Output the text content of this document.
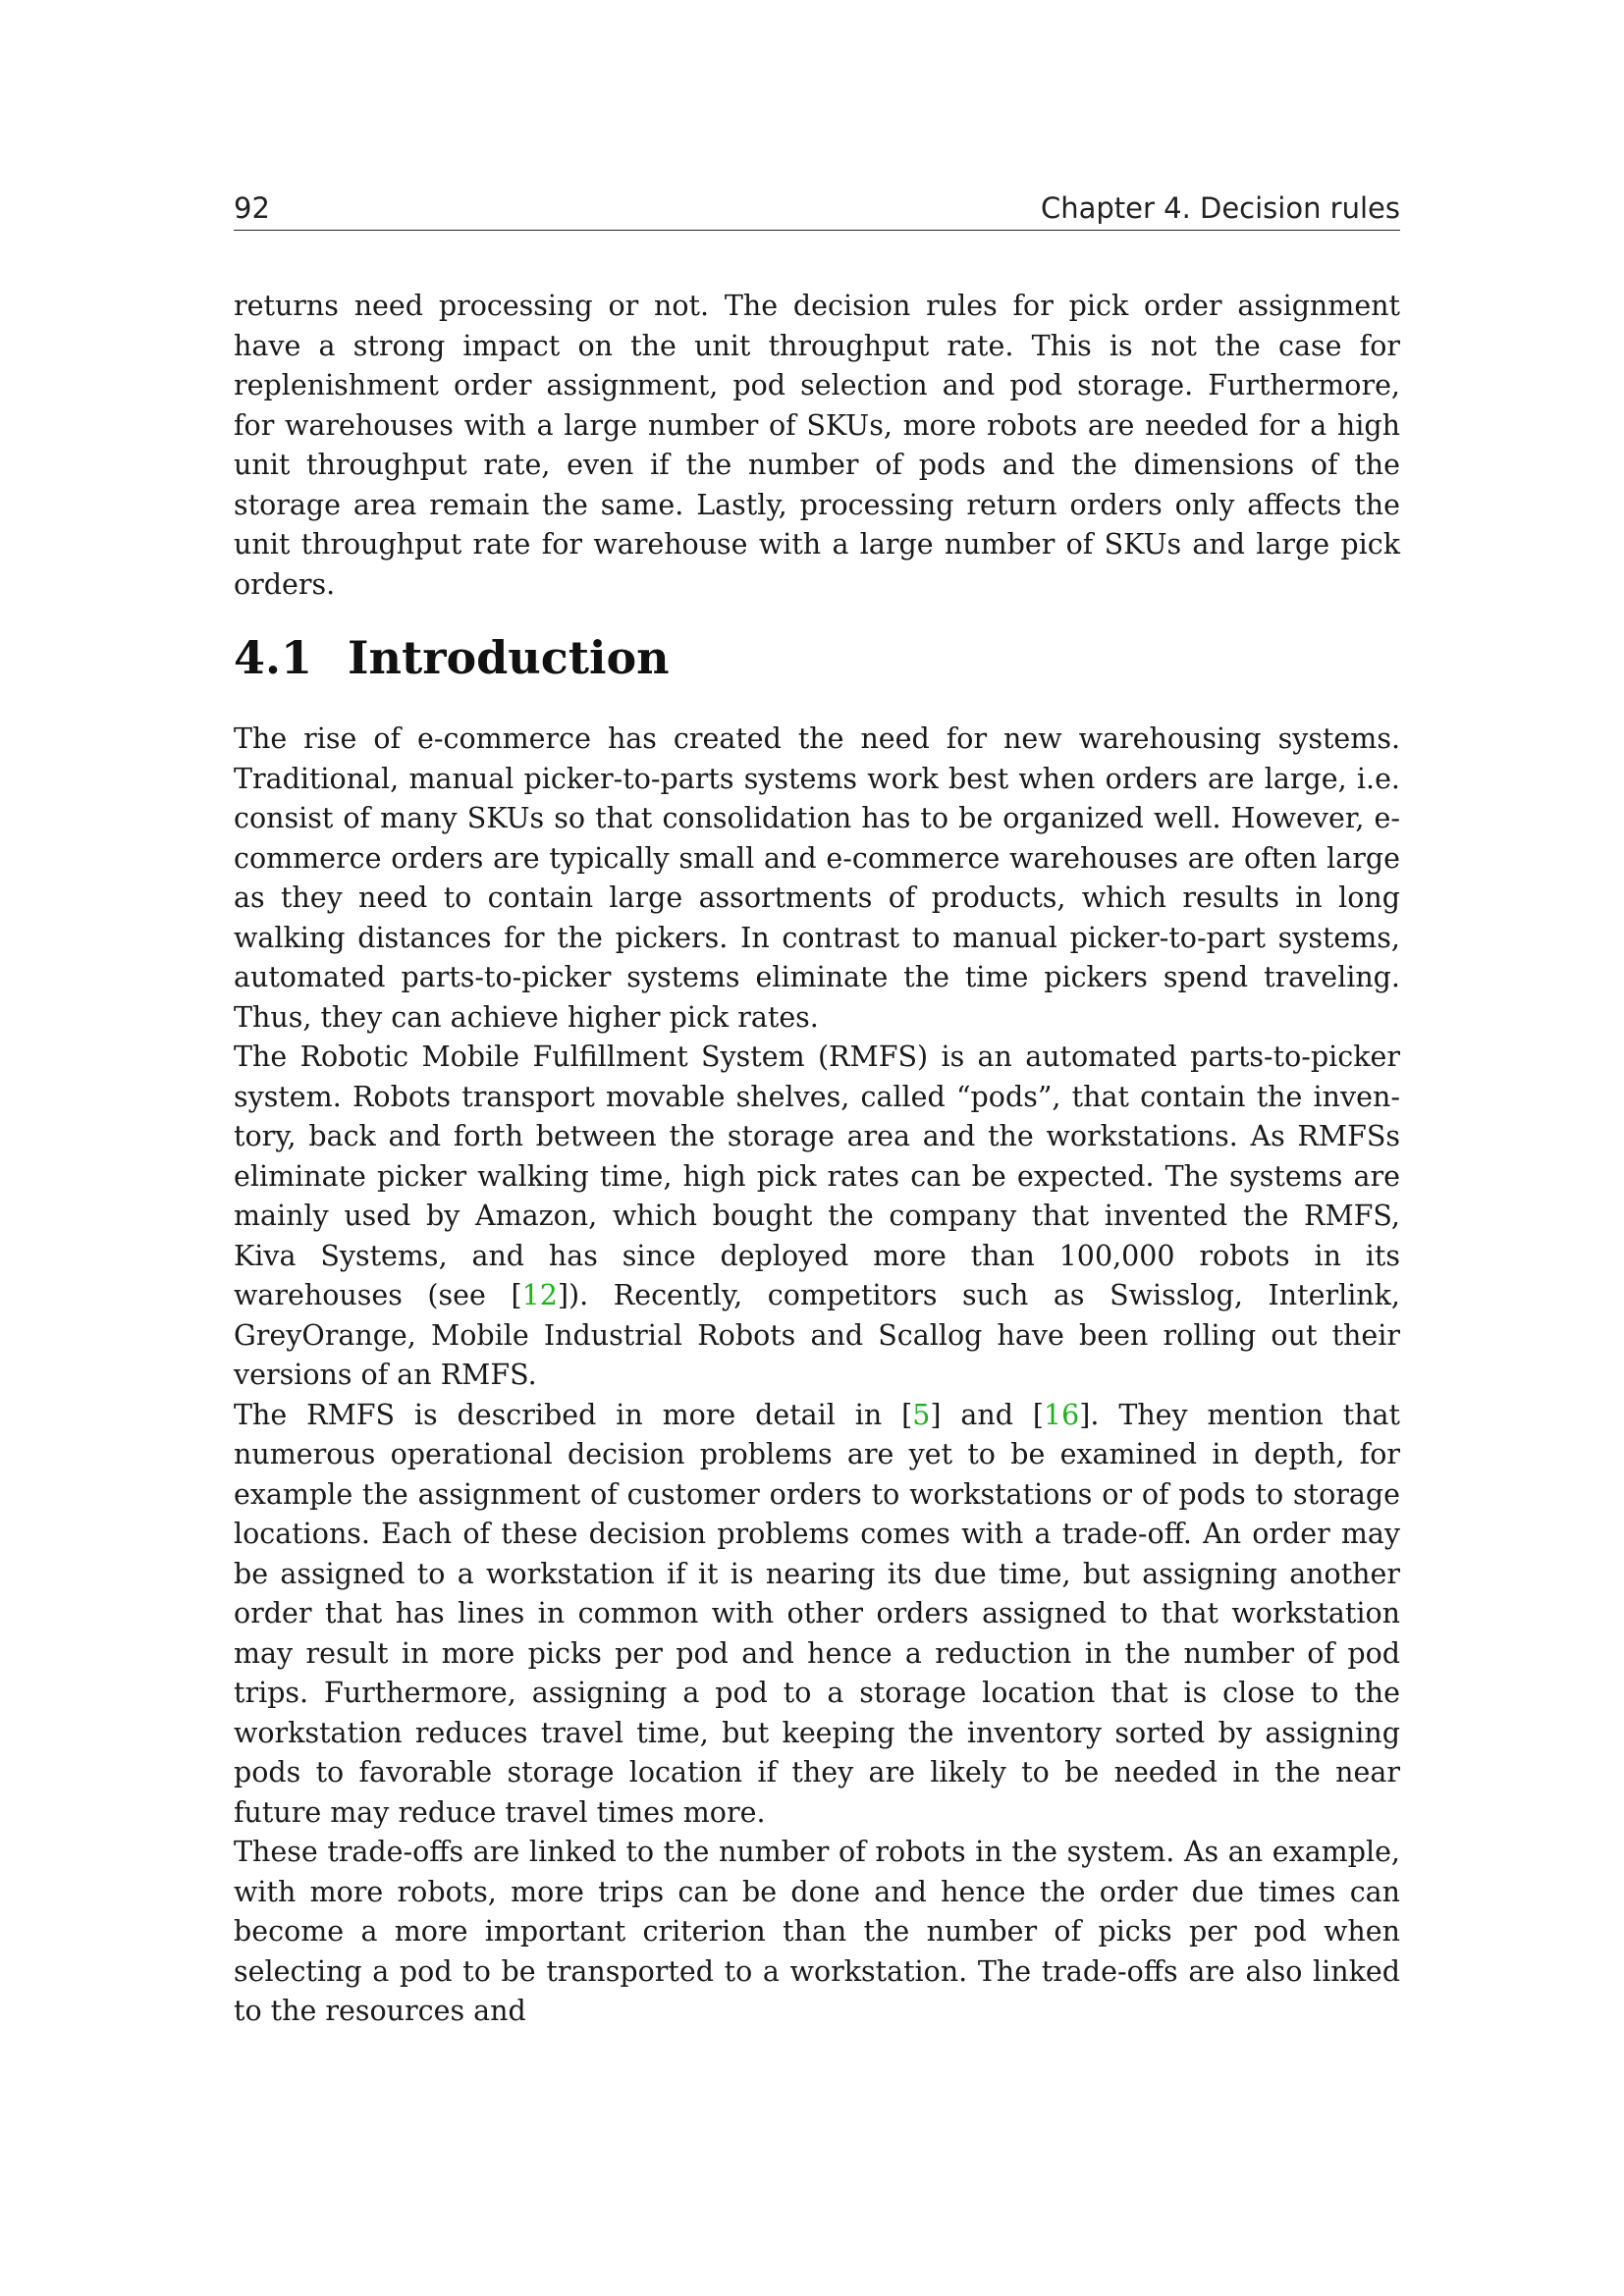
92	Chapter 4. Decision rules

returns need processing or not. The decision rules for pick order assignment have a strong impact on the unit throughput rate. This is not the case for replenishment order assignment, pod selection and pod storage. Furthermore, for warehouses with a large number of SKUs, more robots are needed for a high unit throughput rate, even if the number of pods and the dimensions of the storage area remain the same. Lastly, processing return orders only affects the unit throughput rate for warehouse with a large number of SKUs and large pick orders.

4.1 Introduction

The rise of e-commerce has created the need for new warehousing systems. Traditional, manual picker-to-parts systems work best when orders are large, i.e. consist of many SKUs so that consolidation has to be organized well. However, e-commerce orders are typically small and e-commerce warehouses are often large as they need to contain large assortments of products, which results in long walking distances for the pickers. In contrast to manual picker-to-part systems, automated parts-to-picker systems eliminate the time pickers spend traveling. Thus, they can achieve higher pick rates.

The Robotic Mobile Fulfillment System (RMFS) is an automated parts-to-picker system. Robots transport movable shelves, called “pods”, that contain the inventory, back and forth between the storage area and the workstations. As RMFSs eliminate picker walking time, high pick rates can be expected. The systems are mainly used by Amazon, which bought the company that invented the RMFS, Kiva Systems, and has since deployed more than 100,000 robots in its warehouses (see [12]). Recently, competitors such as Swisslog, Interlink, GreyOrange, Mobile Industrial Robots and Scallog have been rolling out their versions of an RMFS.

The RMFS is described in more detail in [5] and [16]. They mention that numerous operational decision problems are yet to be examined in depth, for example the assignment of customer orders to workstations or of pods to storage locations. Each of these decision problems comes with a trade-off. An order may be assigned to a workstation if it is nearing its due time, but assigning another order that has lines in common with other orders assigned to that workstation may result in more picks per pod and hence a reduction in the number of pod trips. Furthermore, assigning a pod to a storage location that is close to the workstation reduces travel time, but keeping the inventory sorted by assigning pods to favorable storage location if they are likely to be needed in the near future may reduce travel times more.

These trade-offs are linked to the number of robots in the system. As an example, with more robots, more trips can be done and hence the order due times can become a more important criterion than the number of picks per pod when selecting a pod to be transported to a workstation. The trade-offs are also linked to the resources and
